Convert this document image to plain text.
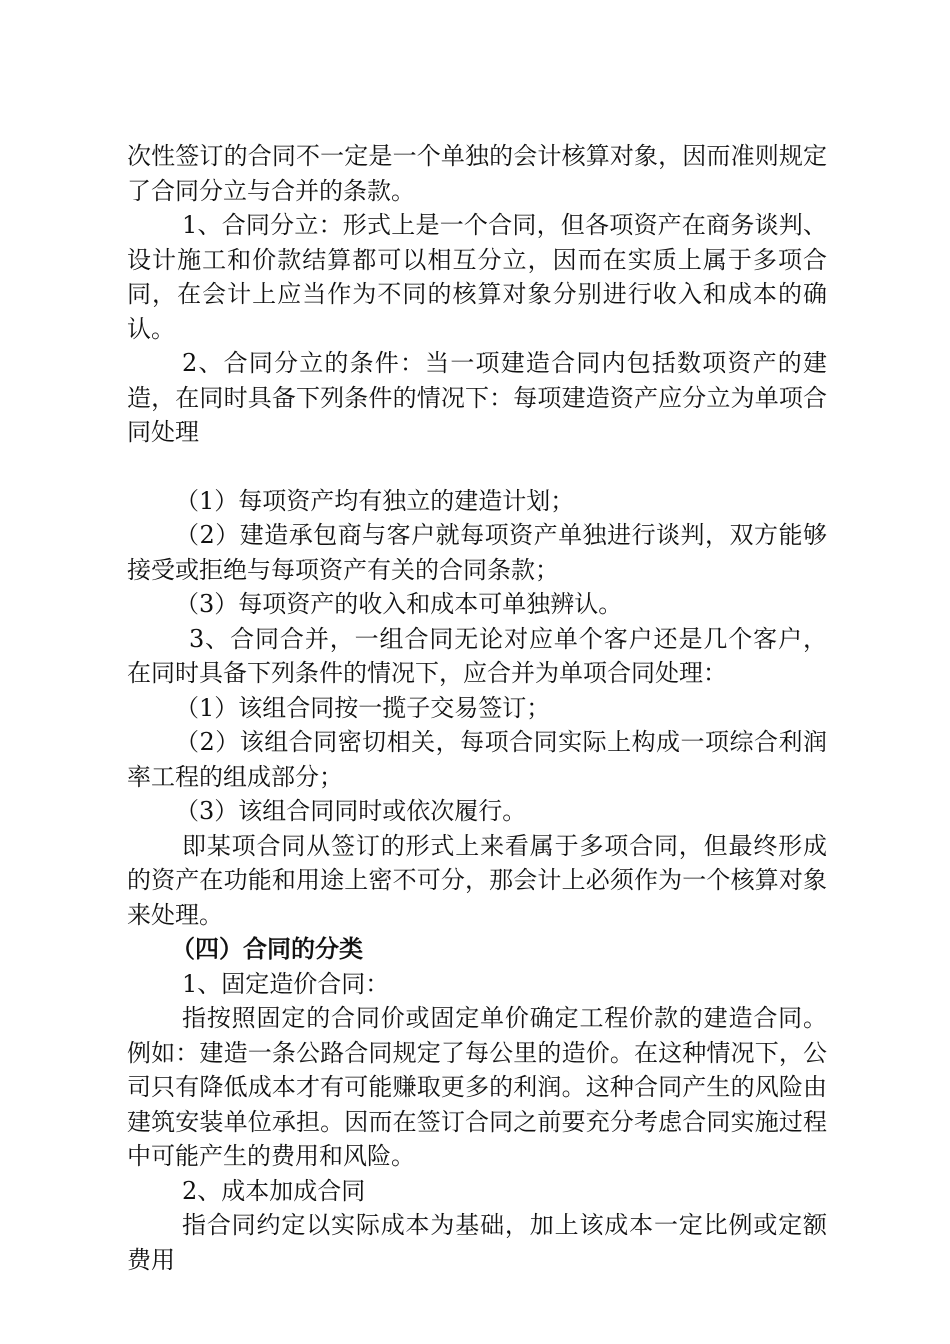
次性签订的合同不一定是一个单独的会计核算对象，因而准则规定了合同分立与合并的条款。

1、合同分立：形式上是一个合同，但各项资产在商务谈判、设计施工和价款结算都可以相互分立，因而在实质上属于多项合同，在会计上应当作为不同的核算对象分别进行收入和成本的确认。

2、合同分立的条件：当一项建造合同内包括数项资产的建造，在同时具备下列条件的情况下：每项建造资产应分立为单项合同处理

（1）每项资产均有独立的建造计划；

（2）建造承包商与客户就每项资产单独进行谈判，双方能够接受或拒绝与每项资产有关的合同条款；

（3）每项资产的收入和成本可单独辨认。

3、合同合并，一组合同无论对应单个客户还是几个客户，在同时具备下列条件的情况下，应合并为单项合同处理：

（1）该组合同按一揽子交易签订；

（2）该组合同密切相关，每项合同实际上构成一项综合利润率工程的组成部分；

（3）该组合同同时或依次履行。

即某项合同从签订的形式上来看属于多项合同，但最终形成的资产在功能和用途上密不可分，那会计上必须作为一个核算对象来处理。

（四）合同的分类

1、固定造价合同：

指按照固定的合同价或固定单价确定工程价款的建造合同。例如：建造一条公路合同规定了每公里的造价。在这种情况下，公司只有降低成本才有可能赚取更多的利润。这种合同产生的风险由建筑安装单位承担。因而在签订合同之前要充分考虑合同实施过程中可能产生的费用和风险。

2、成本加成合同

指合同约定以实际成本为基础，加上该成本一定比例或定额费用
